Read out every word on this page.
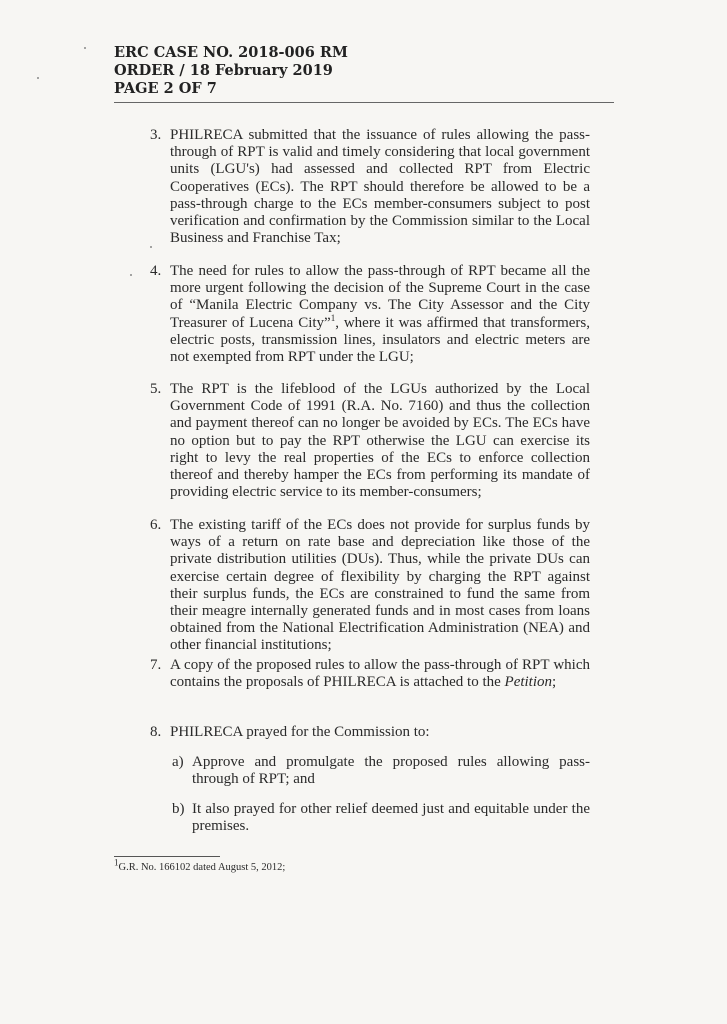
ERC CASE NO. 2018-006 RM
ORDER / 18 February 2019
PAGE 2 OF 7
3. PHILRECA submitted that the issuance of rules allowing the pass-through of RPT is valid and timely considering that local government units (LGU's) had assessed and collected RPT from Electric Cooperatives (ECs). The RPT should therefore be allowed to be a pass-through charge to the ECs member-consumers subject to post verification and confirmation by the Commission similar to the Local Business and Franchise Tax;
4. The need for rules to allow the pass-through of RPT became all the more urgent following the decision of the Supreme Court in the case of “Manila Electric Company vs. The City Assessor and the City Treasurer of Lucena City”$^1$, where it was affirmed that transformers, electric posts, transmission lines, insulators and electric meters are not exempted from RPT under the LGU;
5. The RPT is the lifeblood of the LGUs authorized by the Local Government Code of 1991 (R.A. No. 7160) and thus the collection and payment thereof can no longer be avoided by ECs. The ECs have no option but to pay the RPT otherwise the LGU can exercise its right to levy the real properties of the ECs to enforce collection thereof and thereby hamper the ECs from performing its mandate of providing electric service to its member-consumers;
6. The existing tariff of the ECs does not provide for surplus funds by ways of a return on rate base and depreciation like those of the private distribution utilities (DUs). Thus, while the private DUs can exercise certain degree of flexibility by charging the RPT against their surplus funds, the ECs are constrained to fund the same from their meagre internally generated funds and in most cases from loans obtained from the National Electrification Administration (NEA) and other financial institutions;
7. A copy of the proposed rules to allow the pass-through of RPT which contains the proposals of PHILRECA is attached to the Petition;
8. PHILRECA prayed for the Commission to:
a) Approve and promulgate the proposed rules allowing pass-through of RPT; and
b) It also prayed for other relief deemed just and equitable under the premises.
$^1$G.R. No. 166102 dated August 5, 2012;
